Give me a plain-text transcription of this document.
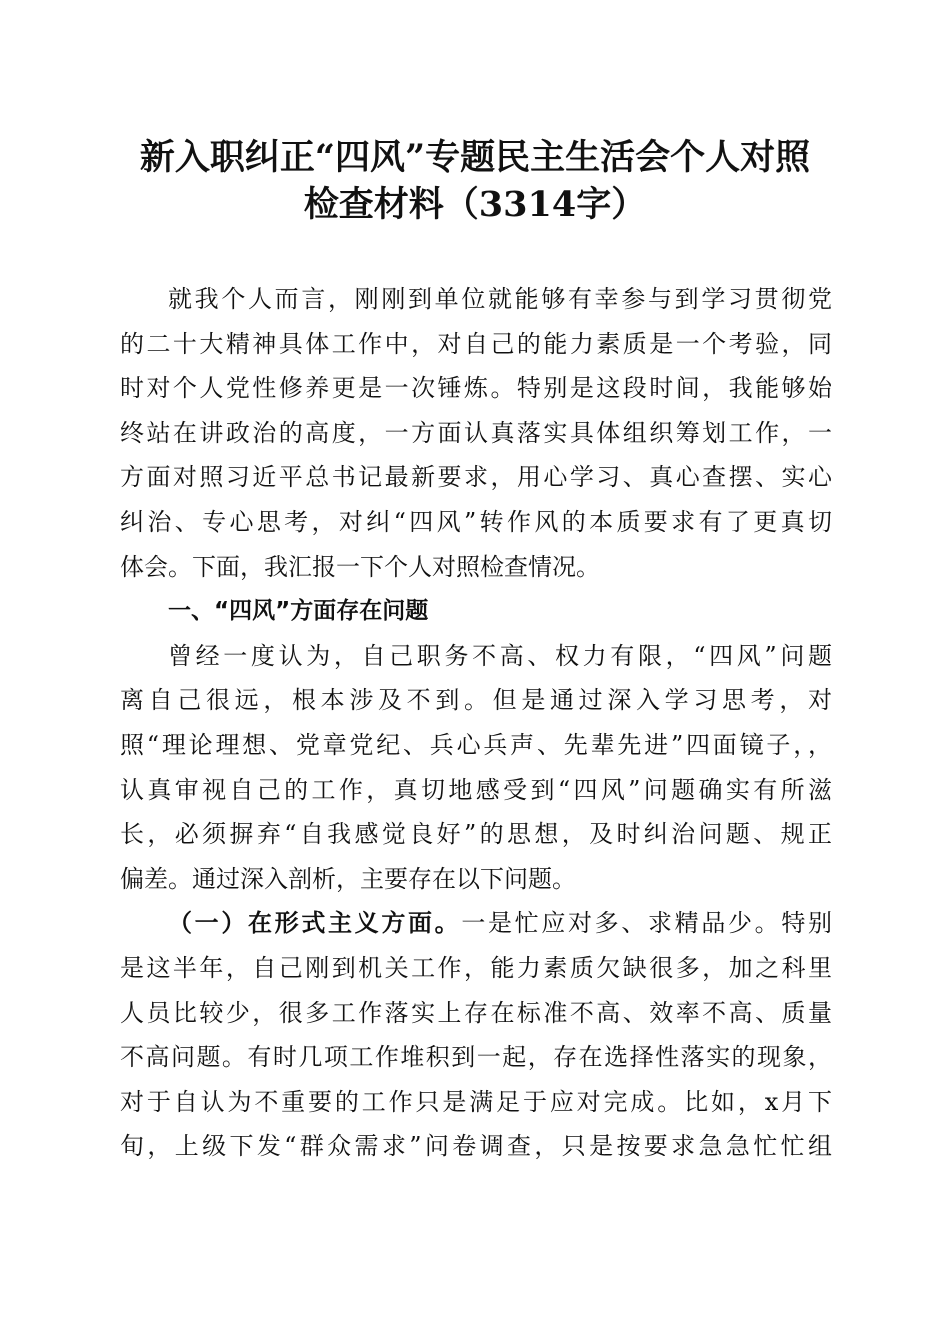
新入职纠正“四风”专题民主生活会个人对照
检查材料（3314字）
就我个人而言，刚刚到单位就能够有幸参与到学习贯彻党
的二十大精神具体工作中，对自己的能力素质是一个考验，同
时对个人党性修养更是一次锤炼。特别是这段时间，我能够始
终站在讲政治的高度，一方面认真落实具体组织筹划工作，一
方面对照习近平总书记最新要求，用心学习、真心查摆、实心
纠治、专心思考，对纠“四风”转作风的本质要求有了更真切
体会。下面，我汇报一下个人对照检查情况。
一、“四风”方面存在问题
曾经一度认为，自己职务不高、权力有限，“四风”问题
离自己很远，根本涉及不到。但是通过深入学习思考，对
照“理论理想、党章党纪、兵心兵声、先辈先进”四面镜子，，
认真审视自己的工作，真切地感受到“四风”问题确实有所滋
长，必须摒弃“自我感觉良好”的思想，及时纠治问题、规正
偏差。通过深入剖析，主要存在以下问题。
（一）在形式主义方面。一是忙应对多、求精品少。特别
是这半年，自己刚到机关工作，能力素质欠缺很多，加之科里
人员比较少，很多工作落实上存在标准不高、效率不高、质量
不高问题。有时几项工作堆积到一起，存在选择性落实的现象，
对于自认为不重要的工作只是满足于应对完成。比如，x月下
旬，上级下发“群众需求”问卷调查，只是按要求急急忙忙组
